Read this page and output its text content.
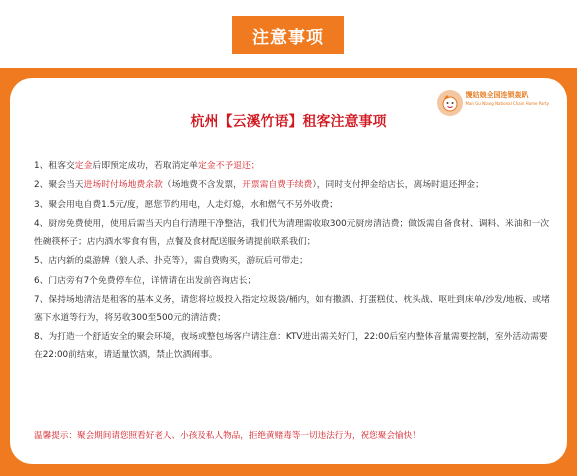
注意事项
馒姑娘全国连锁轰趴
Man Gu Niang National Chain Home Party
杭州【云溪竹语】租客注意事项
1、租客交定金后即预定成功，若取消定单定金不予退还；
2、聚会当天进场时付场地费余款（场地费不含发票，开票需自费手续费），同时支付押金给店长，离场时退还押金；
3、聚会用电自费1.5元/度，愿您节约用电，人走灯熄，水和燃气不另外收费；
4、厨房免费使用，使用后需当天内自行清理干净整洁，我们代为清理需收取300元厨房清洁费；做饭需自备食材、调料、米油和一次性碗筷杯子；店内酒水零食有售，点餐及食材配送服务请提前联系我们；
5、店内新的桌游牌（狼人杀、扑克等），需自费购买，游玩后可带走；
6、门店旁有7个免费停车位，详情请在出发前咨询店长；
7、保持场地清洁是租客的基本义务，请您将垃圾投入指定垃圾袋/桶内，如有撒酒、打蛋糕仗、枕头战、呕吐到床单/沙发/地板、或堵塞下水道等行为，将另收300至500元的清洁费；
8、为打造一个舒适安全的聚会环境，夜场或整包场客户请注意：KTV进出需关好门，22:00后室内整体音量需要控制，室外活动需要在22:00前结束，请适量饮酒，禁止饮酒闹事。
温馨提示：聚会期间请您照看好老人、小孩及私人物品，拒绝黄赌毒等一切违法行为，祝您聚会愉快！
